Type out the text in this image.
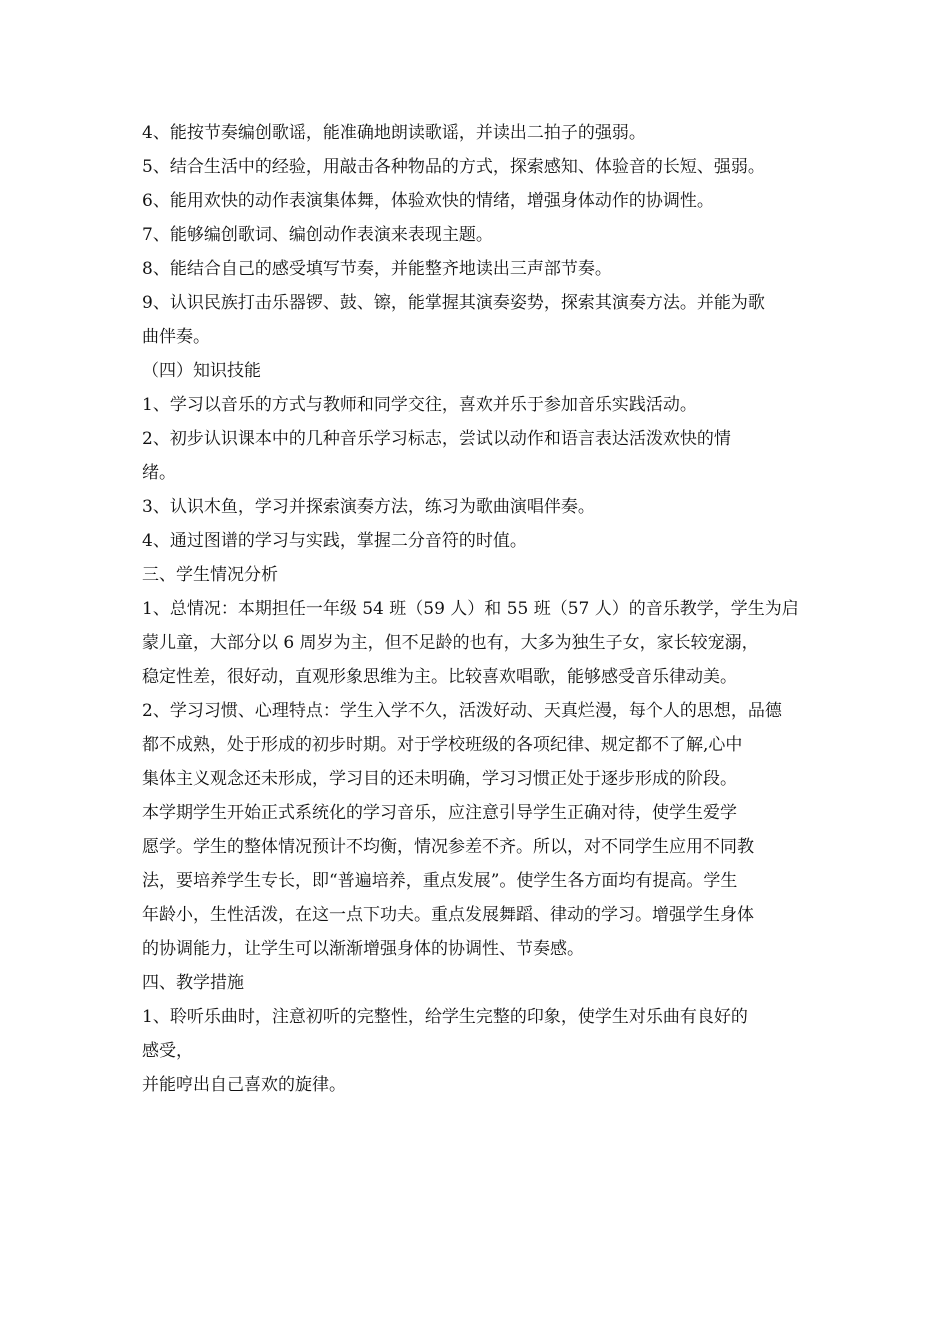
4、能按节奏编创歌谣，能准确地朗读歌谣，并读出二拍子的强弱。
5、结合生活中的经验，用敲击各种物品的方式，探索感知、体验音的长短、强弱。
6、能用欢快的动作表演集体舞，体验欢快的情绪，增强身体动作的协调性。
7、能够编创歌词、编创动作表演来表现主题。
8、能结合自己的感受填写节奏，并能整齐地读出三声部节奏。
9、认识民族打击乐器锣、鼓、镲，能掌握其演奏姿势，探索其演奏方法。并能为歌
曲伴奏。
（四）知识技能
1、学习以音乐的方式与教师和同学交往，喜欢并乐于参加音乐实践活动。
2、初步认识课本中的几种音乐学习标志，尝试以动作和语言表达活泼欢快的情
绪。
3、认识木鱼，学习并探索演奏方法，练习为歌曲演唱伴奏。
4、通过图谱的学习与实践，掌握二分音符的时值。
三、学生情况分析
1、总情况：本期担任一年级 54 班（59 人）和 55 班（57 人）的音乐教学，学生为启
蒙儿童，大部分以 6 周岁为主，但不足龄的也有，大多为独生子女，家长较宠溺，
稳定性差，很好动，直观形象思维为主。比较喜欢唱歌，能够感受音乐律动美。
2、学习习惯、心理特点：学生入学不久，活泼好动、天真烂漫，每个人的思想，品德
都不成熟，处于形成的初步时期。对于学校班级的各项纪律、规定都不了解,心中
集体主义观念还未形成，学习目的还未明确，学习习惯正处于逐步形成的阶段。
本学期学生开始正式系统化的学习音乐，应注意引导学生正确对待，使学生爱学
愿学。学生的整体情况预计不均衡，情况参差不齐。所以，对不同学生应用不同教
法，要培养学生专长，即“普遍培养，重点发展”。使学生各方面均有提高。学生
年龄小，生性活泼，在这一点下功夫。重点发展舞蹈、律动的学习。增强学生身体
的协调能力，让学生可以渐渐增强身体的协调性、节奏感。
四、教学措施
1、聆听乐曲时，注意初听的完整性，给学生完整的印象，使学生对乐曲有良好的
感受，
并能哼出自己喜欢的旋律。
